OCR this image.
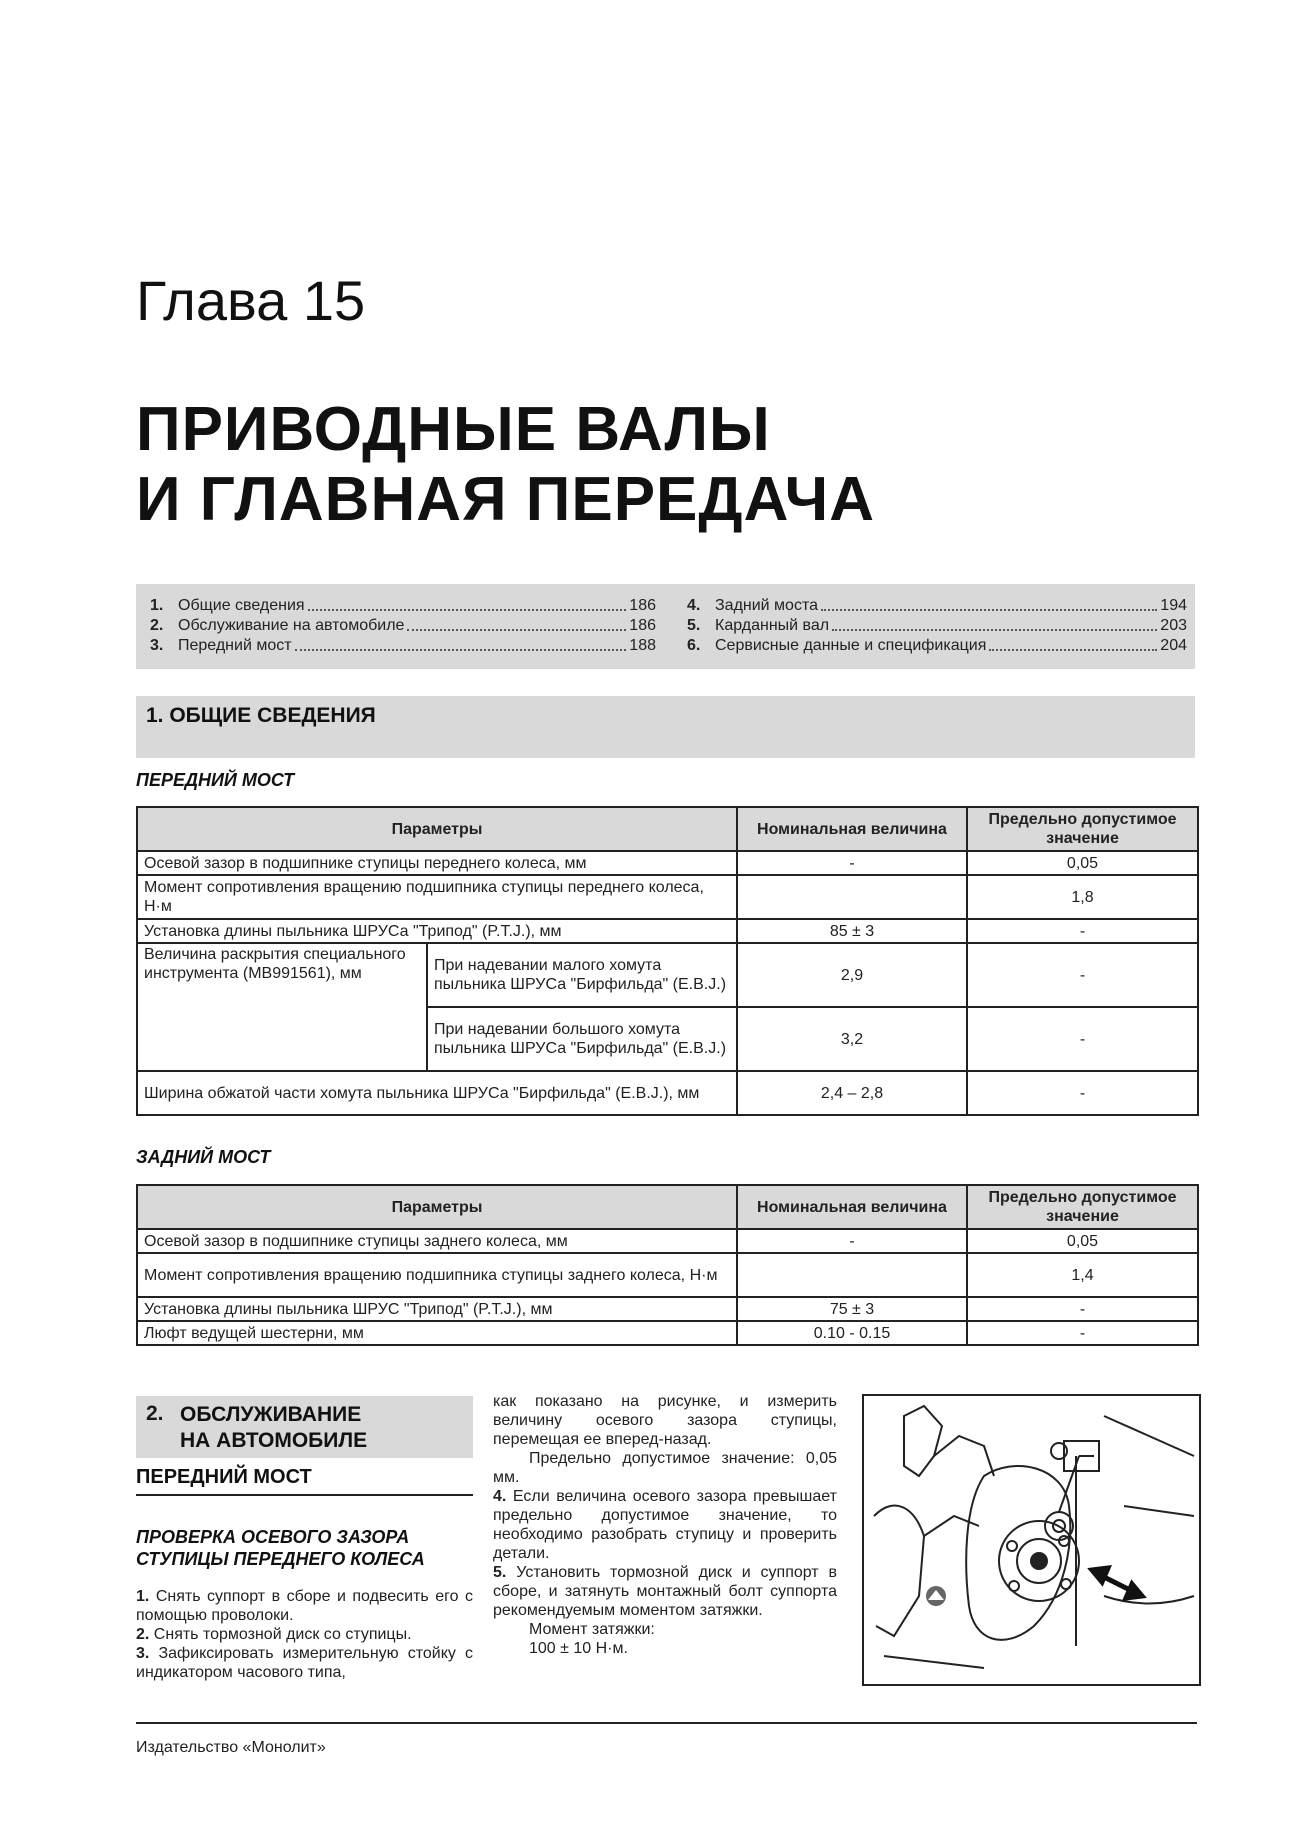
Глава 15
ПРИВОДНЫЕ ВАЛЫ
И ГЛАВНАЯ ПЕРЕДАЧА
1. Общие сведения	186
2. Обслуживание на автомобиле	186
3. Передний мост	188
4. Задний моста	194
5. Карданный вал	203
6. Сервисные данные и спецификация	204
1. ОБЩИЕ СВЕДЕНИЯ
ПЕРЕДНИЙ МОСТ
Параметры		Номинальная величина	Предельно допустимое значение
Осевой зазор в подшипнике ступицы переднего колеса, мм		-	0,05
Момент сопротивления вращению подшипника ступицы переднего колеса, Н·м			1,8
Установка длины пыльника ШРУСа "Трипод" (P.T.J.), мм		85 ± 3	-
Величина раскрытия специального инструмента (MB991561), мм	При надевании малого хомута пыльника ШРУСа "Бирфильда" (E.B.J.)	2,9	-
	При надевании большого хомута пыльника ШРУСа "Бирфильда" (E.B.J.)	3,2	-
Ширина обжатой части хомута пыльника ШРУСа "Бирфильда" (E.B.J.), мм		2,4 – 2,8	-
ЗАДНИЙ МОСТ
Параметры	Номинальная величина	Предельно допустимое значение
Осевой зазор в подшипнике ступицы заднего колеса, мм	-	0,05
Момент сопротивления вращению подшипника ступицы заднего колеса, Н·м		1,4
Установка длины пыльника ШРУС "Трипод" (P.T.J.), мм	75 ± 3	-
Люфт ведущей шестерни, мм	0.10 - 0.15	-
2. ОБСЛУЖИВАНИЕ
НА АВТОМОБИЛЕ
ПЕРЕДНИЙ МОСТ
ПРОВЕРКА ОСЕВОГО ЗАЗОРА
СТУПИЦЫ ПЕРЕДНЕГО КОЛЕСА

1. Снять суппорт в сборе и подвесить его с помощью проволоки.

2. Снять тормозной диск со ступицы.

3. Зафиксировать измерительную стойку с индикатором часового типа,

как показано на рисунке, и измерить величину осевого зазора ступицы, перемещая ее вперед-назад.

Предельно допустимое значение: 0,05 мм.

4. Если величина осевого зазора превышает предельно допустимое значение, то необходимо разобрать ступицу и проверить детали.

5. Установить тормозной диск и суппорт в сборе, и затянуть монтажный болт суппорта рекомендуемым моментом затяжки.

Момент затяжки:

100 ± 10 Н·м.

Издательство «Монолит»
